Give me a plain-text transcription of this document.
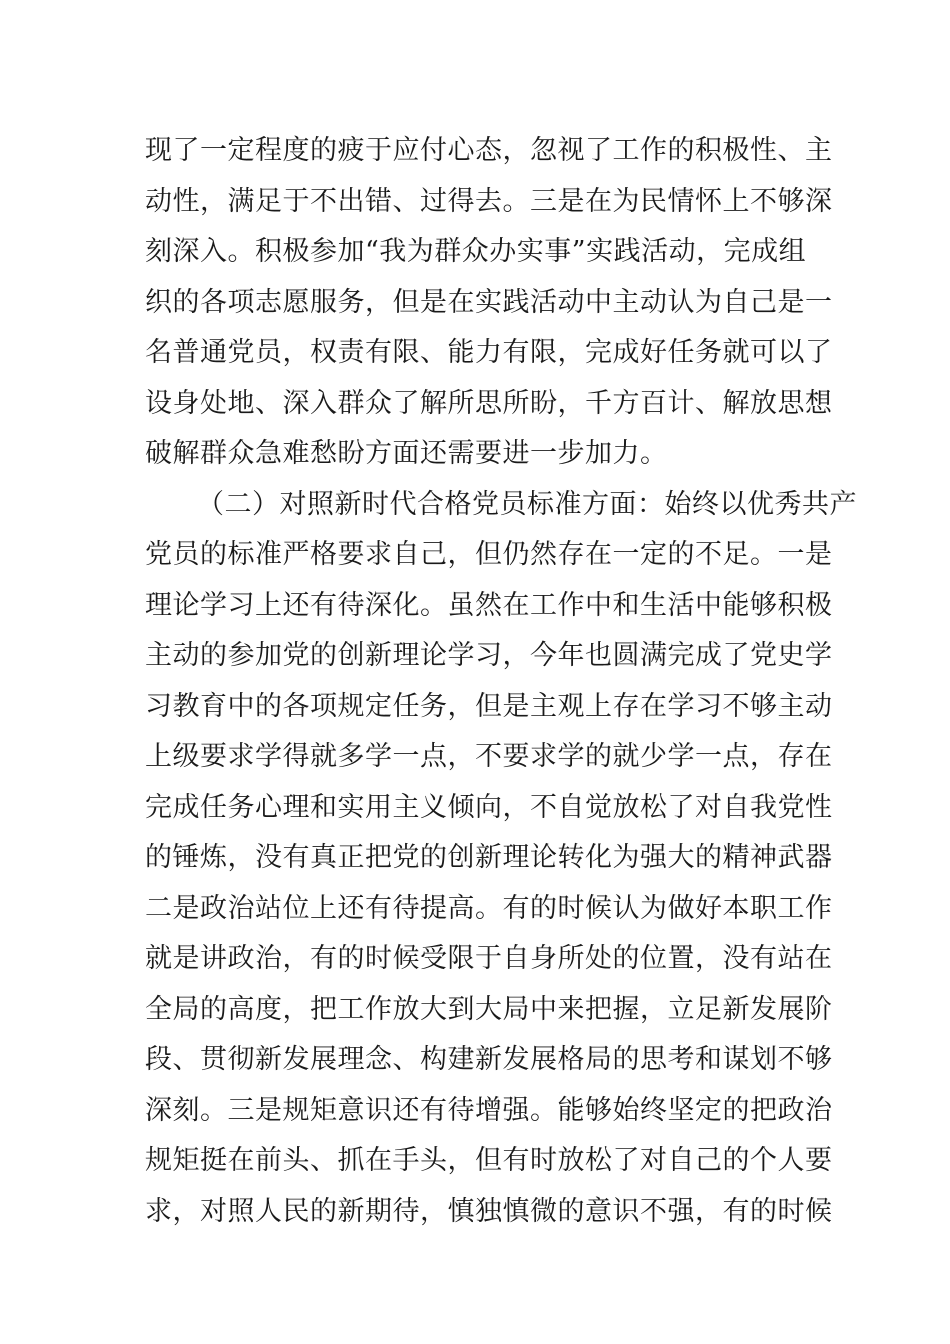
现了一定程度的疲于应付心态，忽视了工作的积极性、主
动性，满足于不出错、过得去。三是在为民情怀上不够深
刻深入。积极参加“我为群众办实事”实践活动，完成组
织的各项志愿服务，但是在实践活动中主动认为自己是一
名普通党员，权责有限、能力有限，完成好任务就可以了
设身处地、深入群众了解所思所盼，千方百计、解放思想
破解群众急难愁盼方面还需要进一步加力。
（二）对照新时代合格党员标准方面：始终以优秀共产
党员的标准严格要求自己，但仍然存在一定的不足。一是
理论学习上还有待深化。虽然在工作中和生活中能够积极
主动的参加党的创新理论学习，今年也圆满完成了党史学
习教育中的各项规定任务，但是主观上存在学习不够主动
上级要求学得就多学一点，不要求学的就少学一点，存在
完成任务心理和实用主义倾向，不自觉放松了对自我党性
的锤炼，没有真正把党的创新理论转化为强大的精神武器
二是政治站位上还有待提高。有的时候认为做好本职工作
就是讲政治，有的时候受限于自身所处的位置，没有站在
全局的高度，把工作放大到大局中来把握，立足新发展阶
段、贯彻新发展理念、构建新发展格局的思考和谋划不够
深刻。三是规矩意识还有待增强。能够始终坚定的把政治
规矩挺在前头、抓在手头，但有时放松了对自己的个人要
求，对照人民的新期待，慎独慎微的意识不强，有的时候
